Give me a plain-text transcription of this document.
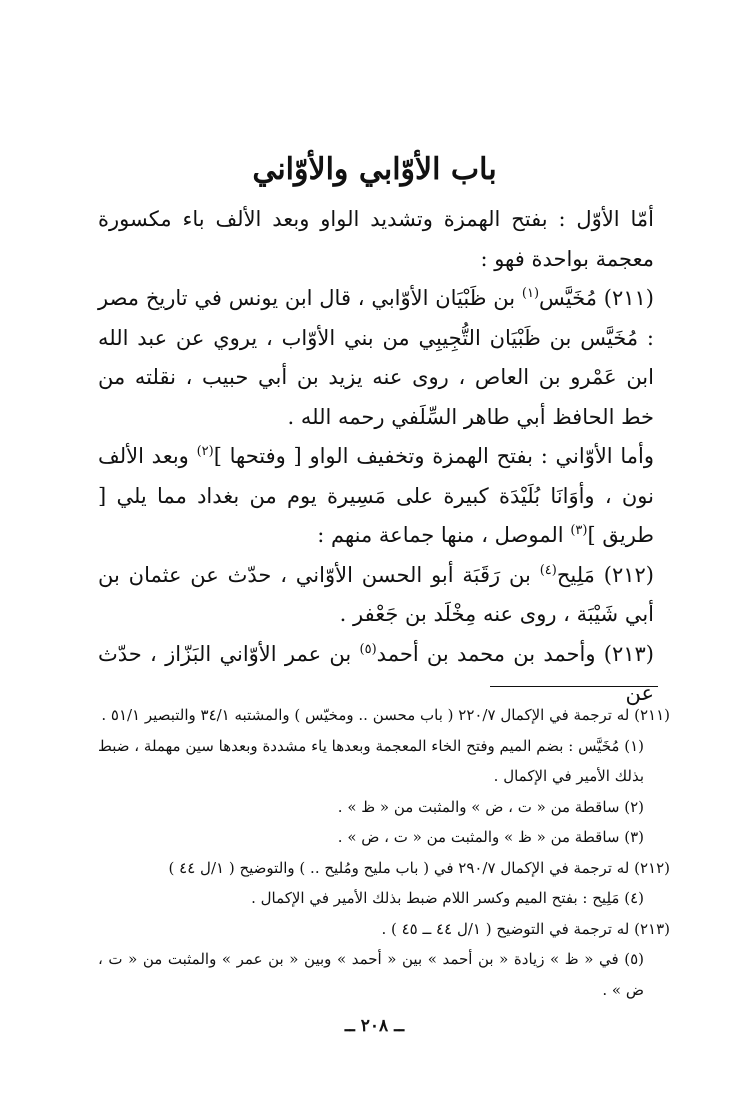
باب الأوّابي والأوّاني

أمّا الأوّل : بفتح الهمزة وتشديد الواو وبعد الألف باء مكسورة معجمة بواحدة فهو :

(٢١١) مُخَيَّس$^{(١)}$ بن ظَبْيَان الأوّابي ، قال ابن يونس في تاريخ مصر : مُخَيَّس بن ظَبْيَان التُّجِيبِي من بني الأوّاب ، يروي عن عبد الله ابن عَمْرو بن العاص ، روى عنه يزيد بن أبي حبيب ، نقلته من خط الحافظ أبي طاهر السِّلَفي رحمه الله .

وأما الأوّاني : بفتح الهمزة وتخفيف الواو [ وفتحها ]$^{(٢)}$ وبعد الألف نون ، وأوَانَا بُلَيْدَة كبيرة على مَسِيرة يوم من بغداد مما يلي [ طريق ]$^{(٣)}$ الموصل ، منها جماعة منهم :

(٢١٢) مَلِيح$^{(٤)}$ بن رَقَبَة أبو الحسن الأوّاني ، حدّث عن عثمان بن أبي شَيْبَة ، روى عنه مِخْلَد بن جَعْفر .

(٢١٣) وأحمد بن محمد بن أحمد$^{(٥)}$ بن عمر الأوّاني البَزّاز ، حدّث عن

(٢١١) له ترجمة في الإكمال ٢٢٠/٧ ( باب محسن .. ومخيّس ) والمشتبه ٣٤/١ والتبصير ٥١/١ .

(١) مُخَيَّس : بضم الميم وفتح الخاء المعجمة وبعدها ياء مشددة وبعدها سين مهملة ، ضبط بذلك الأمير في الإكمال .

(٢) ساقطة من « ت ، ض » والمثبت من « ظ » .

(٣) ساقطة من « ظ » والمثبت من « ت ، ض » .

(٢١٢) له ترجمة في الإكمال ٢٩٠/٧ في ( باب مليح ومُليح .. ) والتوضيح ( ١/ل ٤٤ )

(٤) مَلِيح : بفتح الميم وكسر اللام ضبط بذلك الأمير في الإكمال .

(٢١٣) له ترجمة في التوضيح ( ١/ل ٤٤ ــ ٤٥ ) .

(٥) في « ظ » زيادة « بن أحمد » بين « أحمد » وبين « بن عمر » والمثبت من « ت ، ض » .

ــ ٢٠٨ ــ
